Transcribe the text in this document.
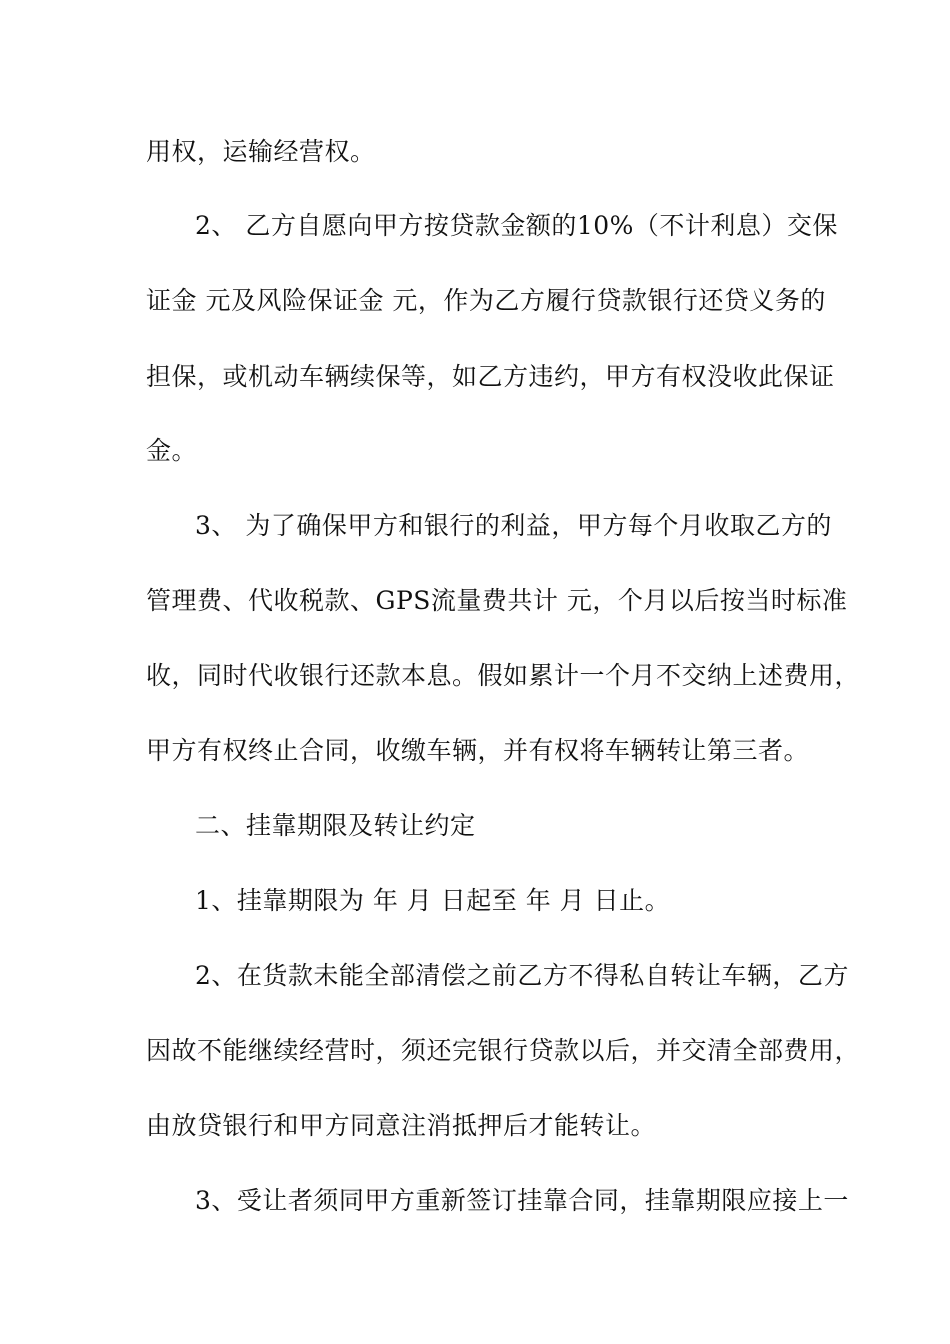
用权，运输经营权。
2、 乙方自愿向甲方按贷款金额的10%（不计利息）交保
证金 元及风险保证金 元，作为乙方履行贷款银行还贷义务的
担保，或机动车辆续保等，如乙方违约，甲方有权没收此保证
金。
3、 为了确保甲方和银行的利益，甲方每个月收取乙方的
管理费、代收税款、GPS流量费共计 元，个月以后按当时标准
收，同时代收银行还款本息。假如累计一个月不交纳上述费用，
甲方有权终止合同，收缴车辆，并有权将车辆转让第三者。
二、挂靠期限及转让约定
1、挂靠期限为 年 月 日起至 年 月 日止。
2、在货款未能全部清偿之前乙方不得私自转让车辆，乙方
因故不能继续经营时，须还完银行贷款以后，并交清全部费用，
由放贷银行和甲方同意注消抵押后才能转让。
3、受让者须同甲方重新签订挂靠合同，挂靠期限应接上一
